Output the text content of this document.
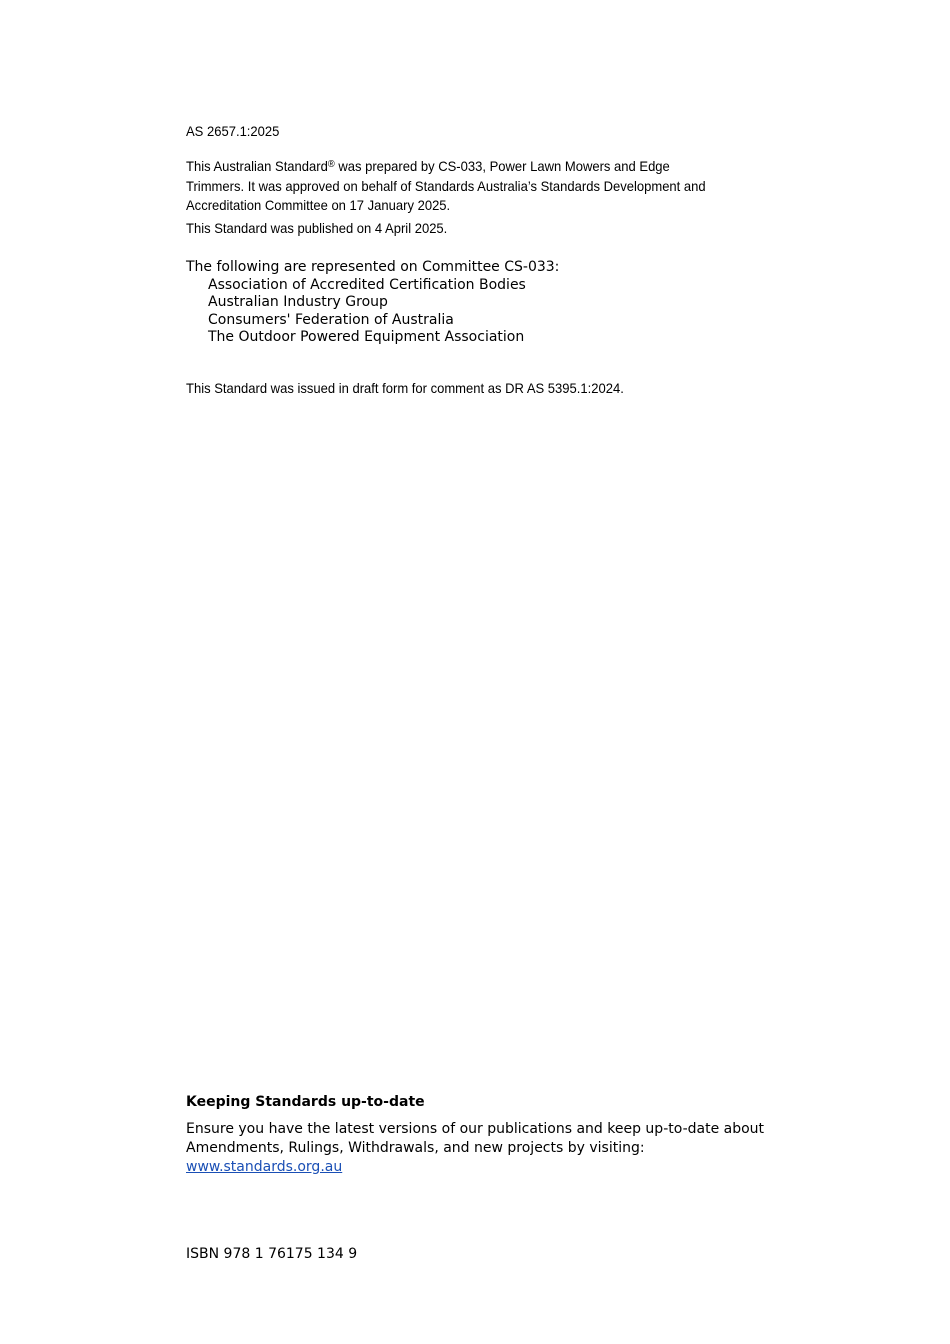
AS 2657.1:2025
This Australian Standard® was prepared by CS-033, Power Lawn Mowers and Edge
Trimmers. It was approved on behalf of Standards Australia’s Standards Development and
Accreditation Committee on 17 January 2025.
This Standard was published on 4 April 2025.
The following are represented on Committee CS-033:
Association of Accredited Certification Bodies
Australian Industry Group
Consumers' Federation of Australia
The Outdoor Powered Equipment Association
This Standard was issued in draft form for comment as DR AS 5395.1:2024.
Keeping Standards up-to-date
Ensure you have the latest versions of our publications and keep up-to-date about
Amendments, Rulings, Withdrawals, and new projects by visiting:
www.standards.org.au
ISBN 978 1 76175 134 9
